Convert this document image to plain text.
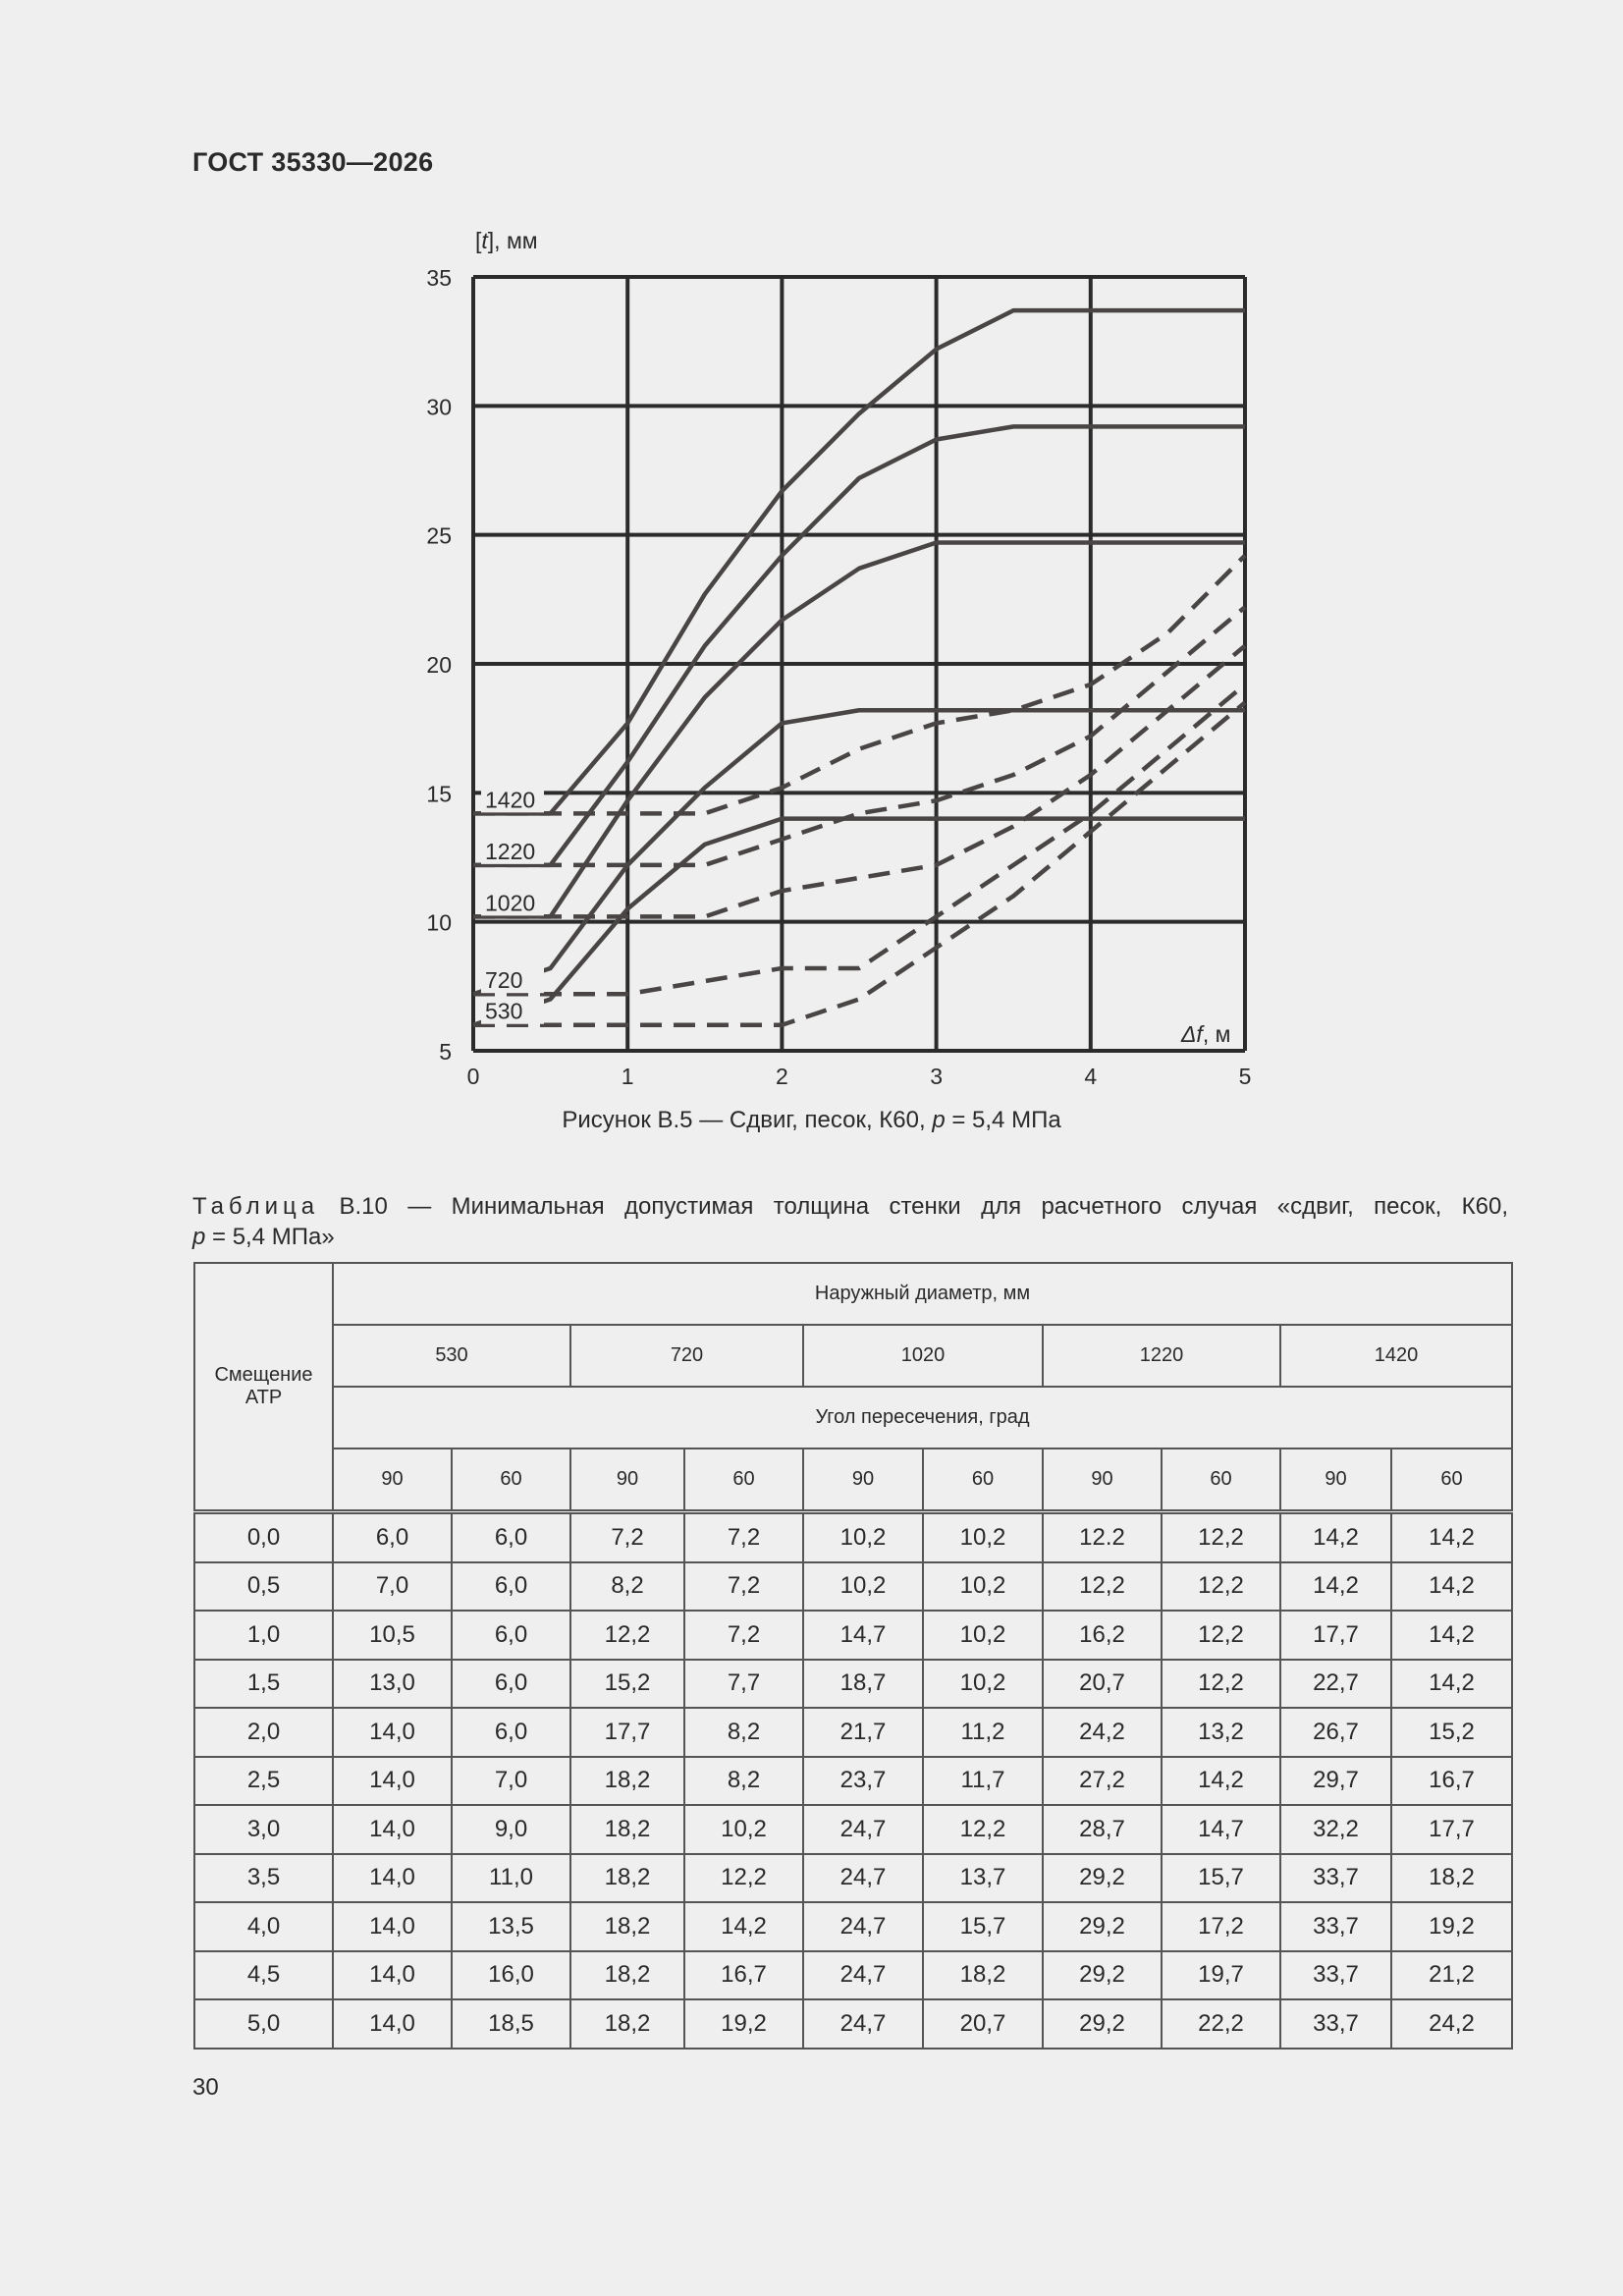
ГОСТ 35330—2026
1420
1220
1020
720
530
0	1	2	3	4	5
5
10
15
20
25
30
35
[t], мм
Δf, м
Рисунок В.5 — Сдвиг, песок, К60, p = 5,4 МПа
Таблица В.10 — Минимальная допустимая толщина стенки для расчетного случая «сдвиг, песок, К60,
p = 5,4 МПа»
Смещение АТР	Наружный диаметр, мм									
	530		720		1020		1220		1420	
	Угол пересечения, град									
	90	60	90	60	90	60	90	60	90	60
0,0	6,0	6,0	7,2	7,2	10,2	10,2	12.2	12,2	14,2	14,2
0,5	7,0	6,0	8,2	7,2	10,2	10,2	12,2	12,2	14,2	14,2
1,0	10,5	6,0	12,2	7,2	14,7	10,2	16,2	12,2	17,7	14,2
1,5	13,0	6,0	15,2	7,7	18,7	10,2	20,7	12,2	22,7	14,2
2,0	14,0	6,0	17,7	8,2	21,7	11,2	24,2	13,2	26,7	15,2
2,5	14,0	7,0	18,2	8,2	23,7	11,7	27,2	14,2	29,7	16,7
3,0	14,0	9,0	18,2	10,2	24,7	12,2	28,7	14,7	32,2	17,7
3,5	14,0	11,0	18,2	12,2	24,7	13,7	29,2	15,7	33,7	18,2
4,0	14,0	13,5	18,2	14,2	24,7	15,7	29,2	17,2	33,7	19,2
4,5	14,0	16,0	18,2	16,7	24,7	18,2	29,2	19,7	33,7	21,2
5,0	14,0	18,5	18,2	19,2	24,7	20,7	29,2	22,2	33,7	24,2
30
